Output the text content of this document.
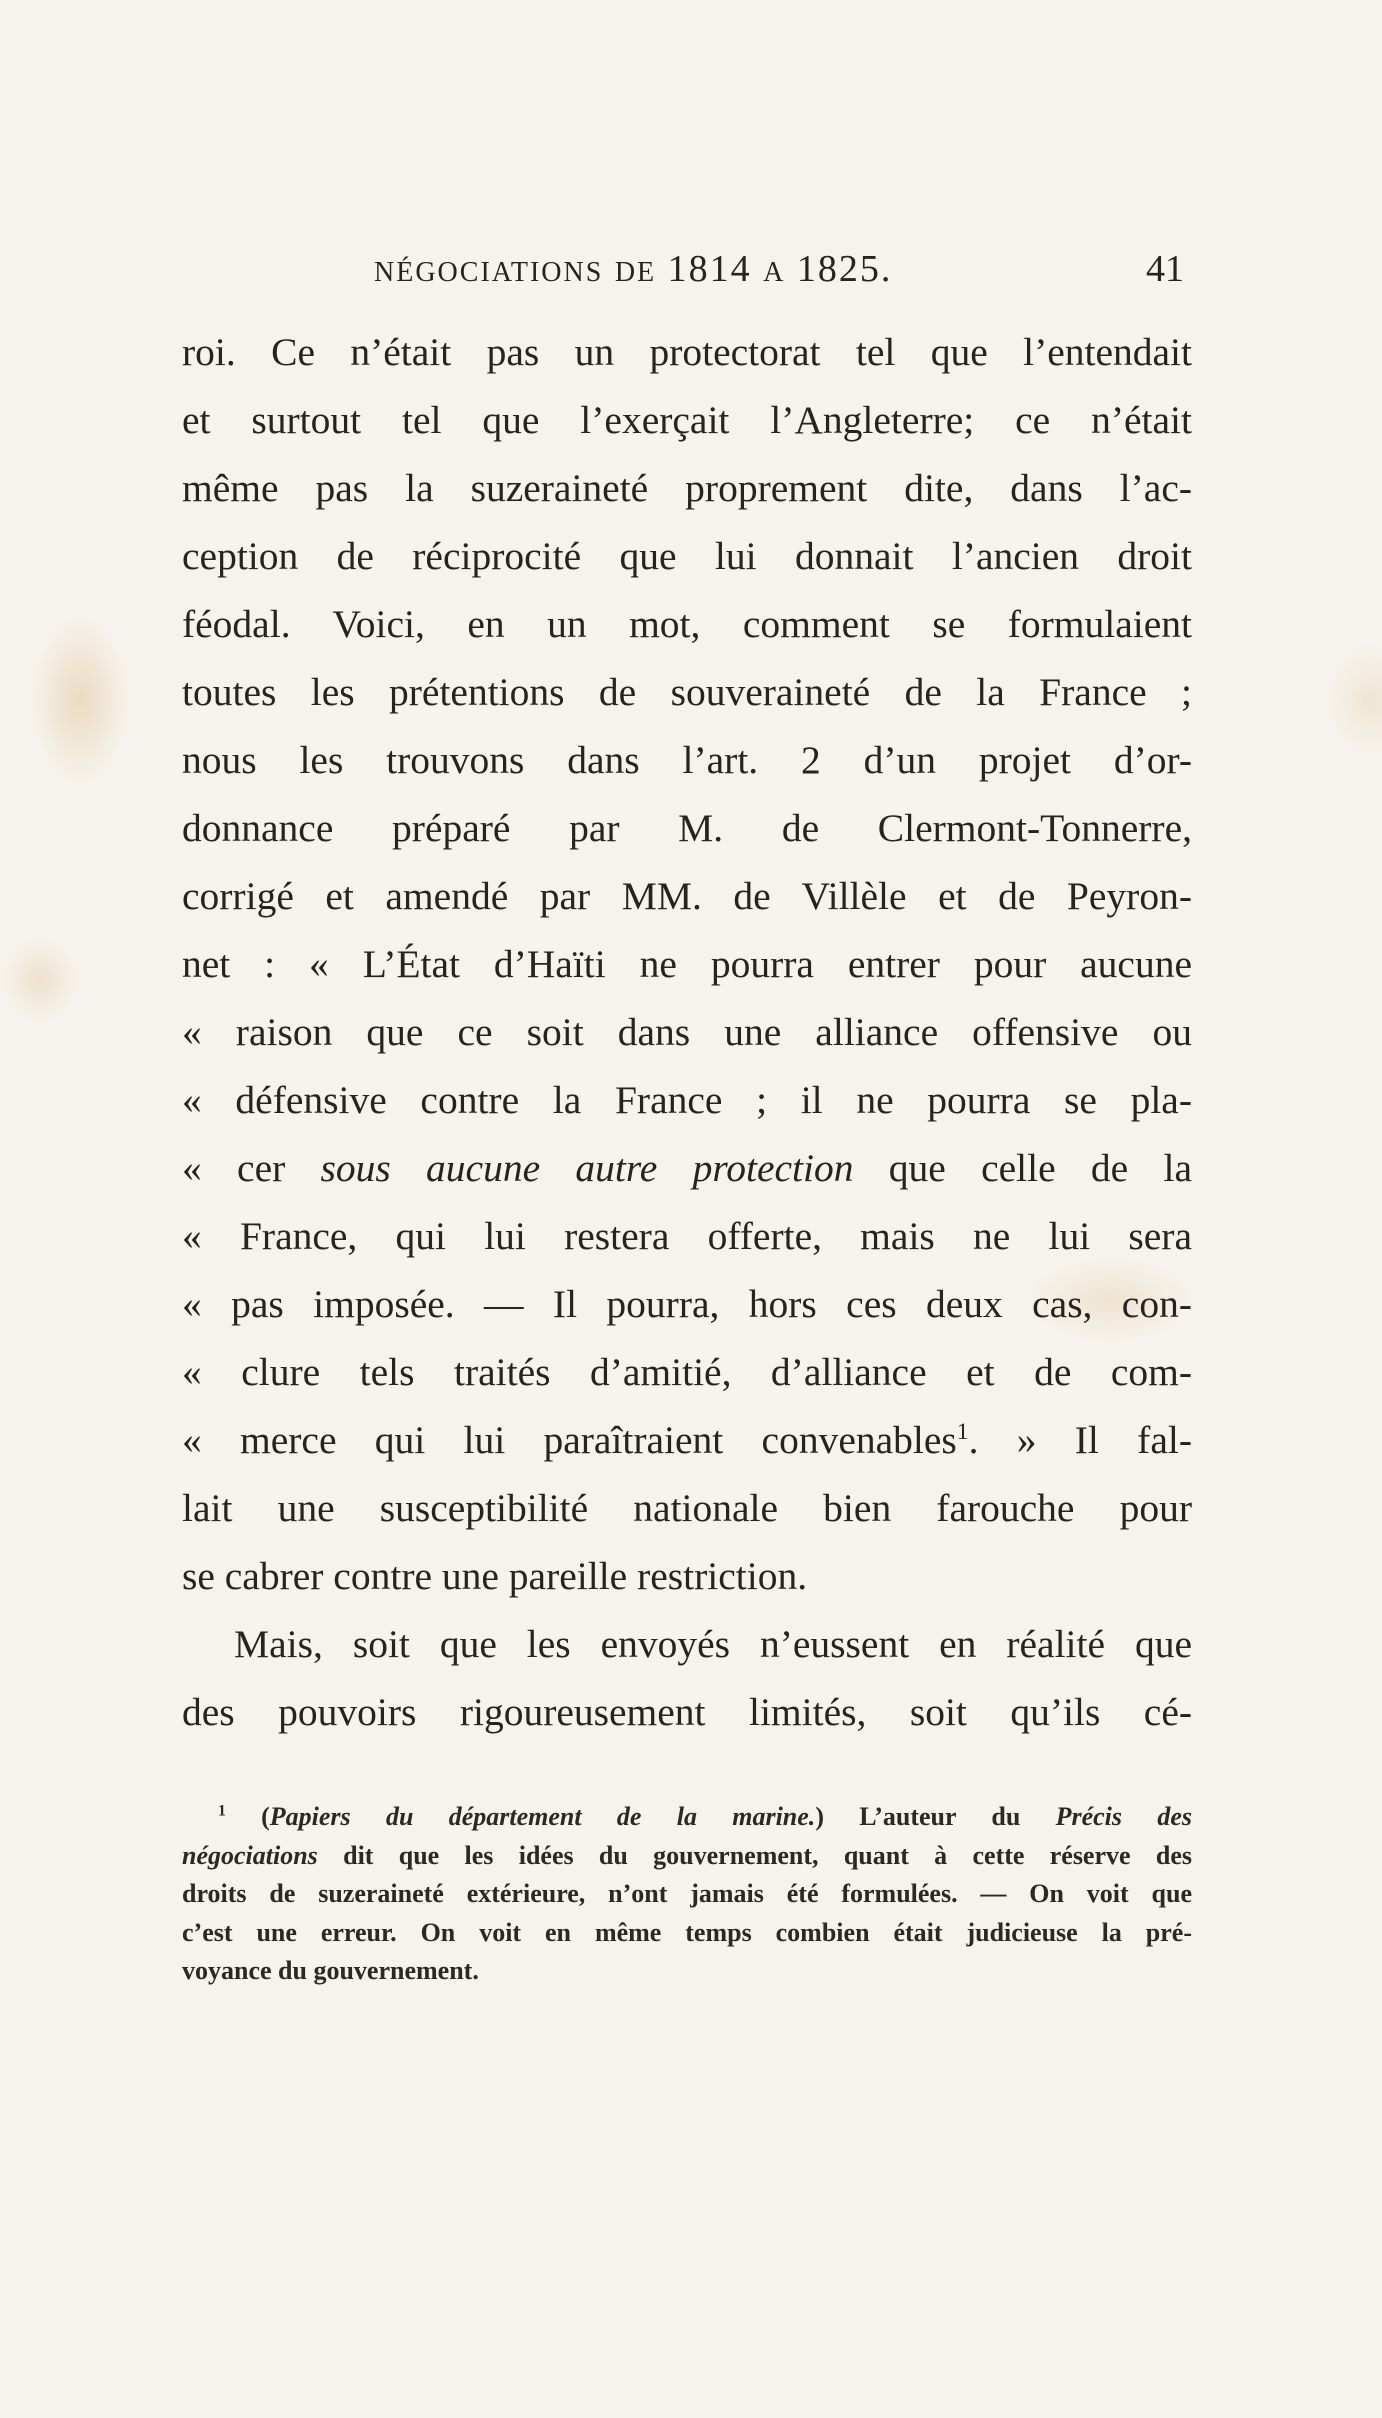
NÉGOCIATIONS DE 1814 A 1825.	41
roi. Ce n’était pas un protectorat tel que l’entendait
et surtout tel que l’exerçait l’Angleterre; ce n’était
même pas la suzeraineté proprement dite, dans l’ac-
ception de réciprocité que lui donnait l’ancien droit
féodal. Voici, en un mot, comment se formulaient
toutes les prétentions de souveraineté de la France ;
nous les trouvons dans l’art. 2 d’un projet d’or-
donnance préparé par M. de Clermont-Tonnerre,
corrigé et amendé par MM. de Villèle et de Peyron-
net : « L’État d’Haïti ne pourra entrer pour aucune
« raison que ce soit dans une alliance offensive ou
« défensive contre la France ; il ne pourra se pla-
« cer sous aucune autre protection que celle de la
« France, qui lui restera offerte, mais ne lui sera
« pas imposée. — Il pourra, hors ces deux cas, con-
« clure tels traités d’amitié, d’alliance et de com-
« merce qui lui paraîtraient convenables$^1$. » Il fal-
lait une susceptibilité nationale bien farouche pour
se cabrer contre une pareille restriction.
Mais, soit que les envoyés n’eussent en réalité que
des pouvoirs rigoureusement limités, soit qu’ils cé-
$^1$ (Papiers du département de la marine.) L’auteur du Précis des
négociations dit que les idées du gouvernement, quant à cette réserve des
droits de suzeraineté extérieure, n’ont jamais été formulées. — On voit que
c’est une erreur. On voit en même temps combien était judicieuse la pré-
voyance du gouvernement.
